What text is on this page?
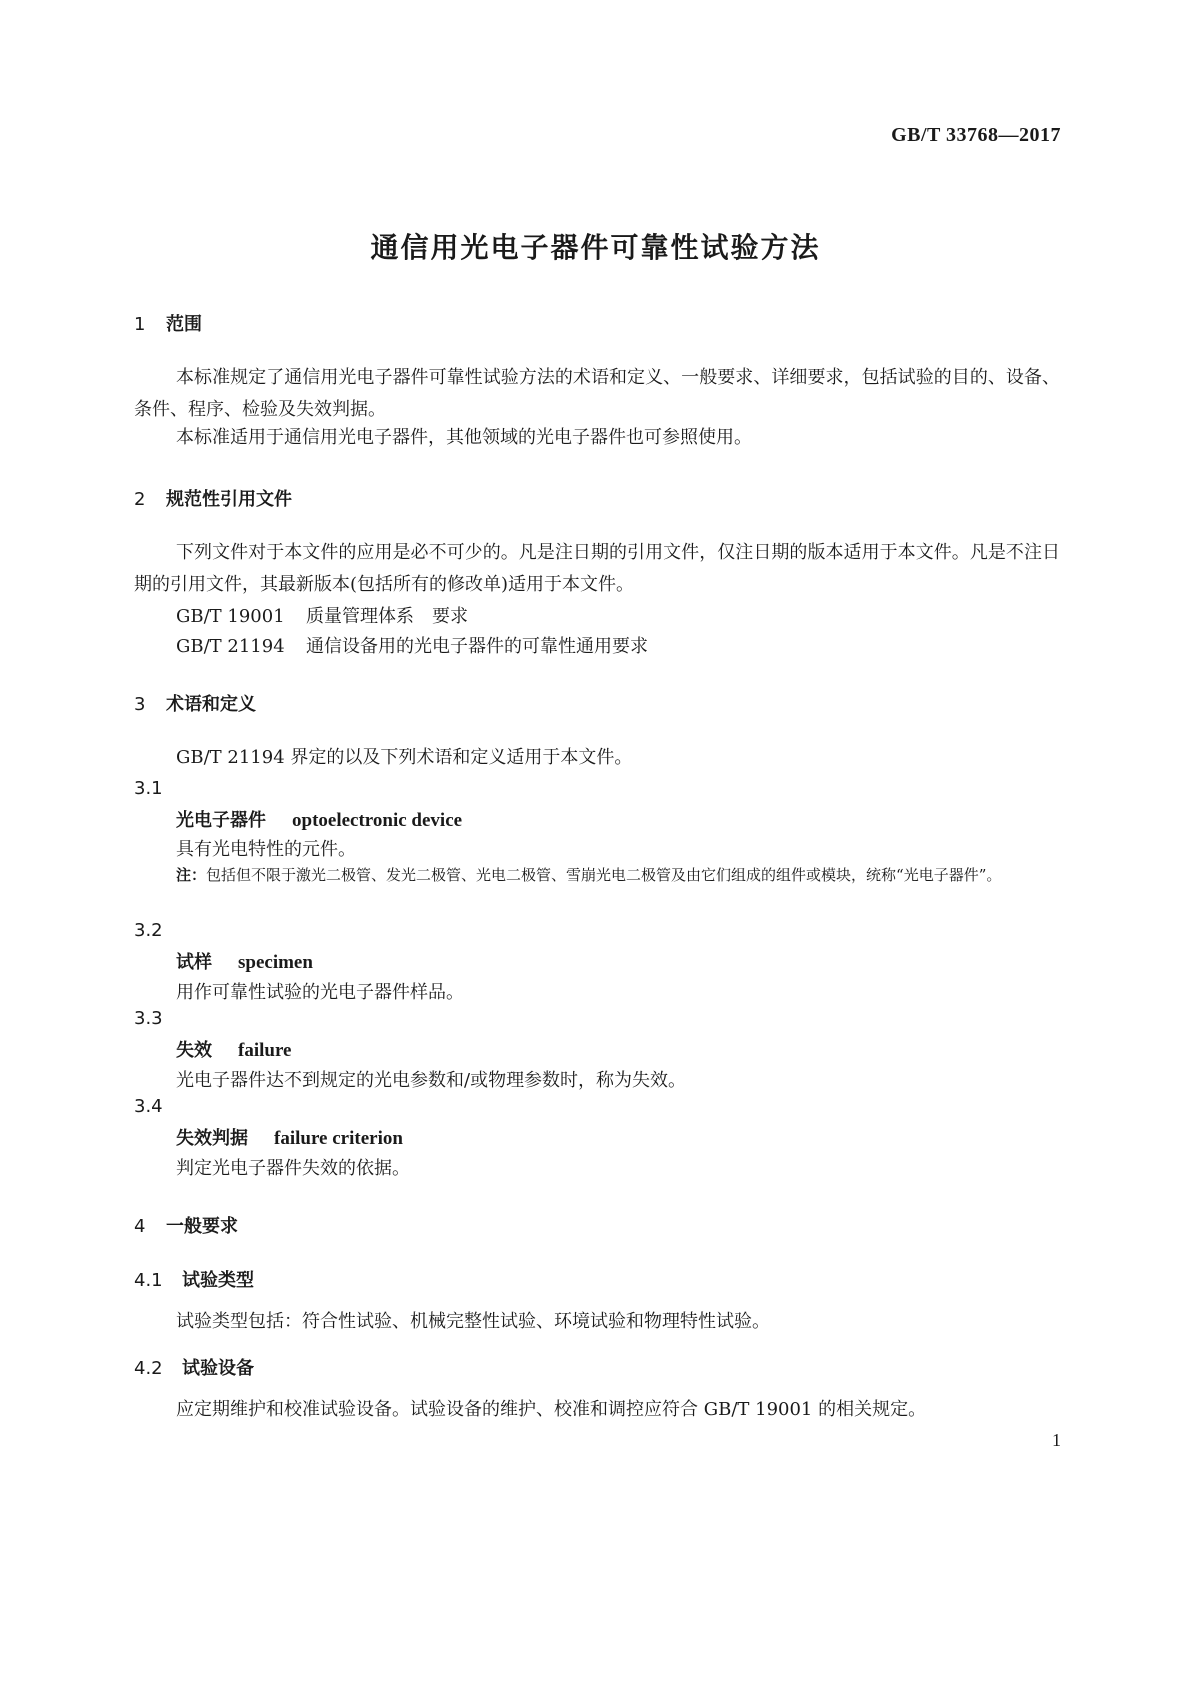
GB/T 33768—2017
通信用光电子器件可靠性试验方法
1 范围
本标准规定了通信用光电子器件可靠性试验方法的术语和定义、一般要求、详细要求，包括试验的目的、设备、条件、程序、检验及失效判据。
本标准适用于通信用光电子器件，其他领域的光电子器件也可参照使用。
2 规范性引用文件
下列文件对于本文件的应用是必不可少的。凡是注日期的引用文件，仅注日期的版本适用于本文件。凡是不注日期的引用文件，其最新版本(包括所有的修改单)适用于本文件。
GB/T 19001 质量管理体系　要求
GB/T 21194 通信设备用的光电子器件的可靠性通用要求
3 术语和定义
GB/T 21194 界定的以及下列术语和定义适用于本文件。
3.1
光电子器件 optoelectronic device
具有光电特性的元件。
注：包括但不限于激光二极管、发光二极管、光电二极管、雪崩光电二极管及由它们组成的组件或模块，统称“光电子器件”。
3.2
试样 specimen
用作可靠性试验的光电子器件样品。
3.3
失效 failure
光电子器件达不到规定的光电参数和/或物理参数时，称为失效。
3.4
失效判据 failure criterion
判定光电子器件失效的依据。
4 一般要求
4.1 试验类型
试验类型包括：符合性试验、机械完整性试验、环境试验和物理特性试验。
4.2 试验设备
应定期维护和校准试验设备。试验设备的维护、校准和调控应符合 GB/T 19001 的相关规定。
1
